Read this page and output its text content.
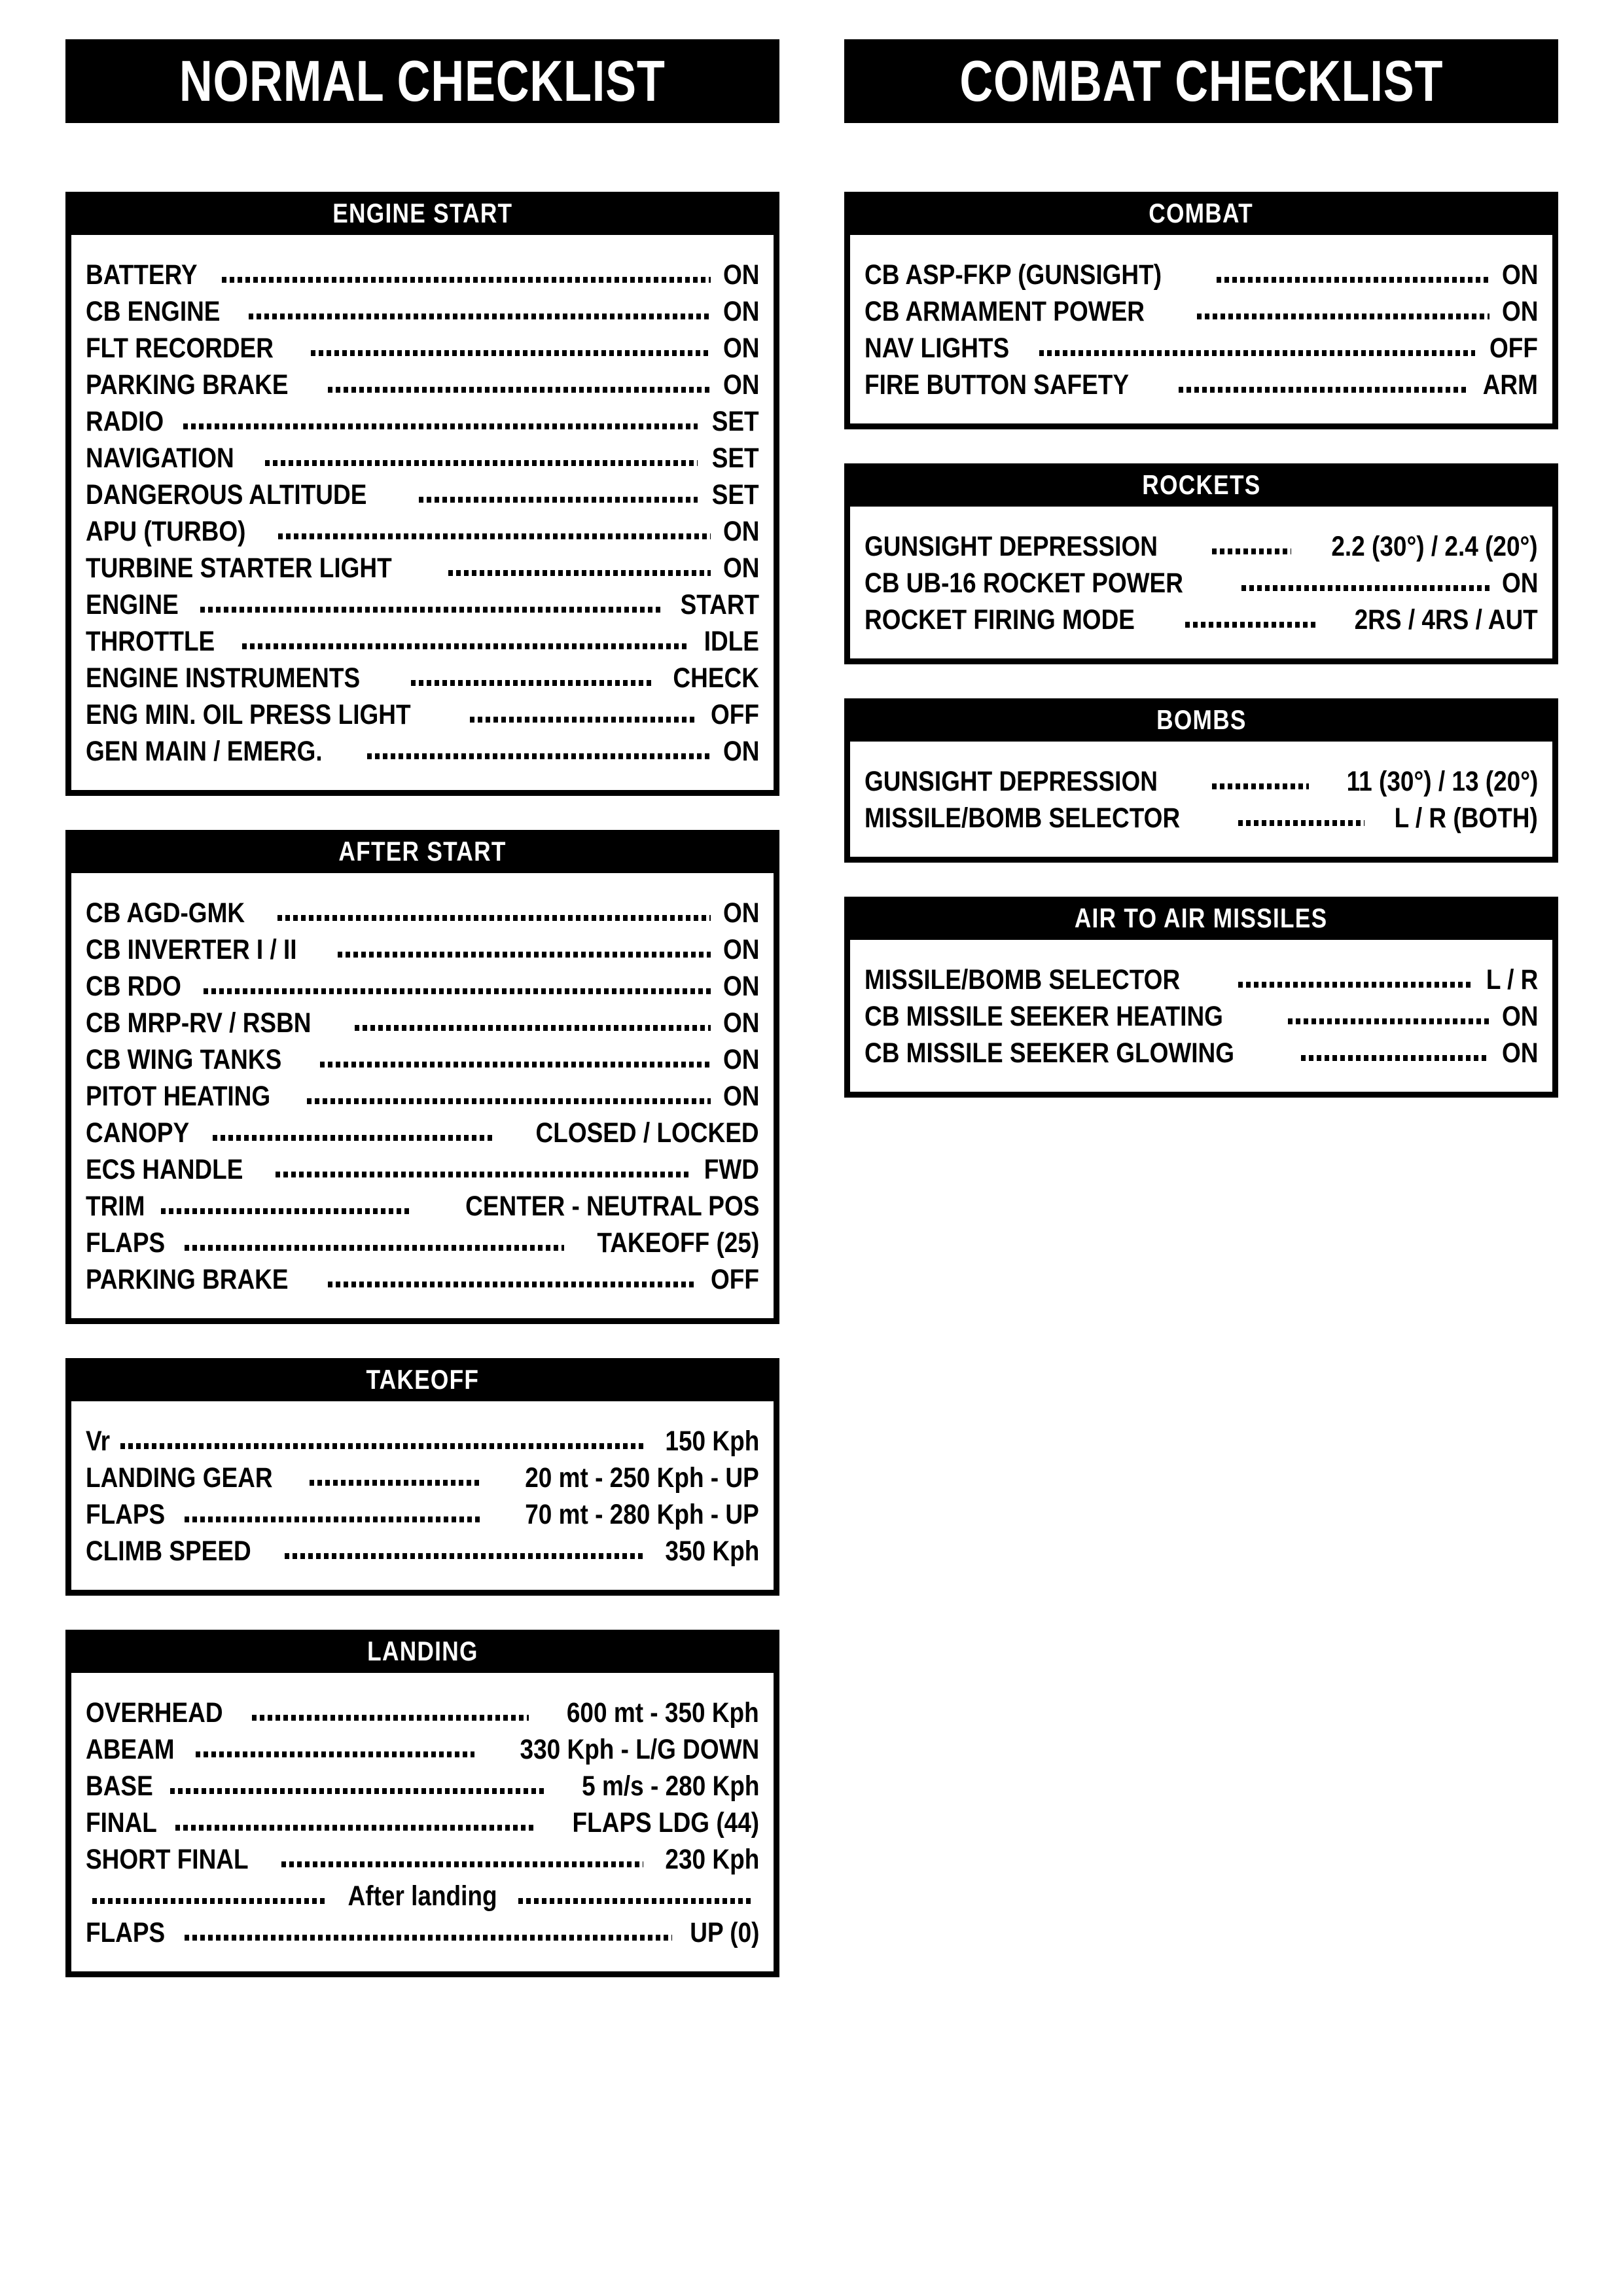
NORMAL CHECKLIST
ENGINE START
BATTERY	ON
CB ENGINE	ON
FLT RECORDER	ON
PARKING BRAKE	ON
RADIO	SET
NAVIGATION	SET
DANGEROUS ALTITUDE	SET
APU (TURBO)	ON
TURBINE STARTER LIGHT	ON
ENGINE	START
THROTTLE	IDLE
ENGINE INSTRUMENTS	CHECK
ENG MIN. OIL PRESS LIGHT	OFF
GEN MAIN / EMERG.	ON
AFTER START
CB AGD-GMK	ON
CB INVERTER I / II	ON
CB RDO	ON
CB MRP-RV / RSBN	ON
CB WING TANKS	ON
PITOT HEATING	ON
CANOPY	CLOSED / LOCKED
ECS HANDLE	FWD
TRIM	CENTER - NEUTRAL POS
FLAPS	TAKEOFF (25)
PARKING BRAKE	OFF
TAKEOFF
Vr	150 Kph
LANDING GEAR	20 mt - 250 Kph - UP
FLAPS	70 mt - 280 Kph - UP
CLIMB SPEED	350 Kph
LANDING
OVERHEAD	600 mt - 350 Kph
ABEAM	330 Kph - L/G DOWN
BASE	5 m/s - 280 Kph
FINAL	FLAPS LDG (44)
SHORT FINAL	230 Kph
After landing
FLAPS	UP (0)
COMBAT CHECKLIST
COMBAT
CB ASP-FKP (GUNSIGHT)	ON
CB ARMAMENT POWER	ON
NAV LIGHTS	OFF
FIRE BUTTON SAFETY	ARM
ROCKETS
GUNSIGHT DEPRESSION	2.2 (30°) / 2.4 (20°)
CB UB-16 ROCKET POWER	ON
ROCKET FIRING MODE	2RS / 4RS / AUT
BOMBS
GUNSIGHT DEPRESSION	11 (30°) / 13 (20°)
MISSILE/BOMB SELECTOR	L / R (BOTH)
AIR TO AIR MISSILES
MISSILE/BOMB SELECTOR	L / R
CB MISSILE SEEKER HEATING	ON
CB MISSILE SEEKER GLOWING	ON
